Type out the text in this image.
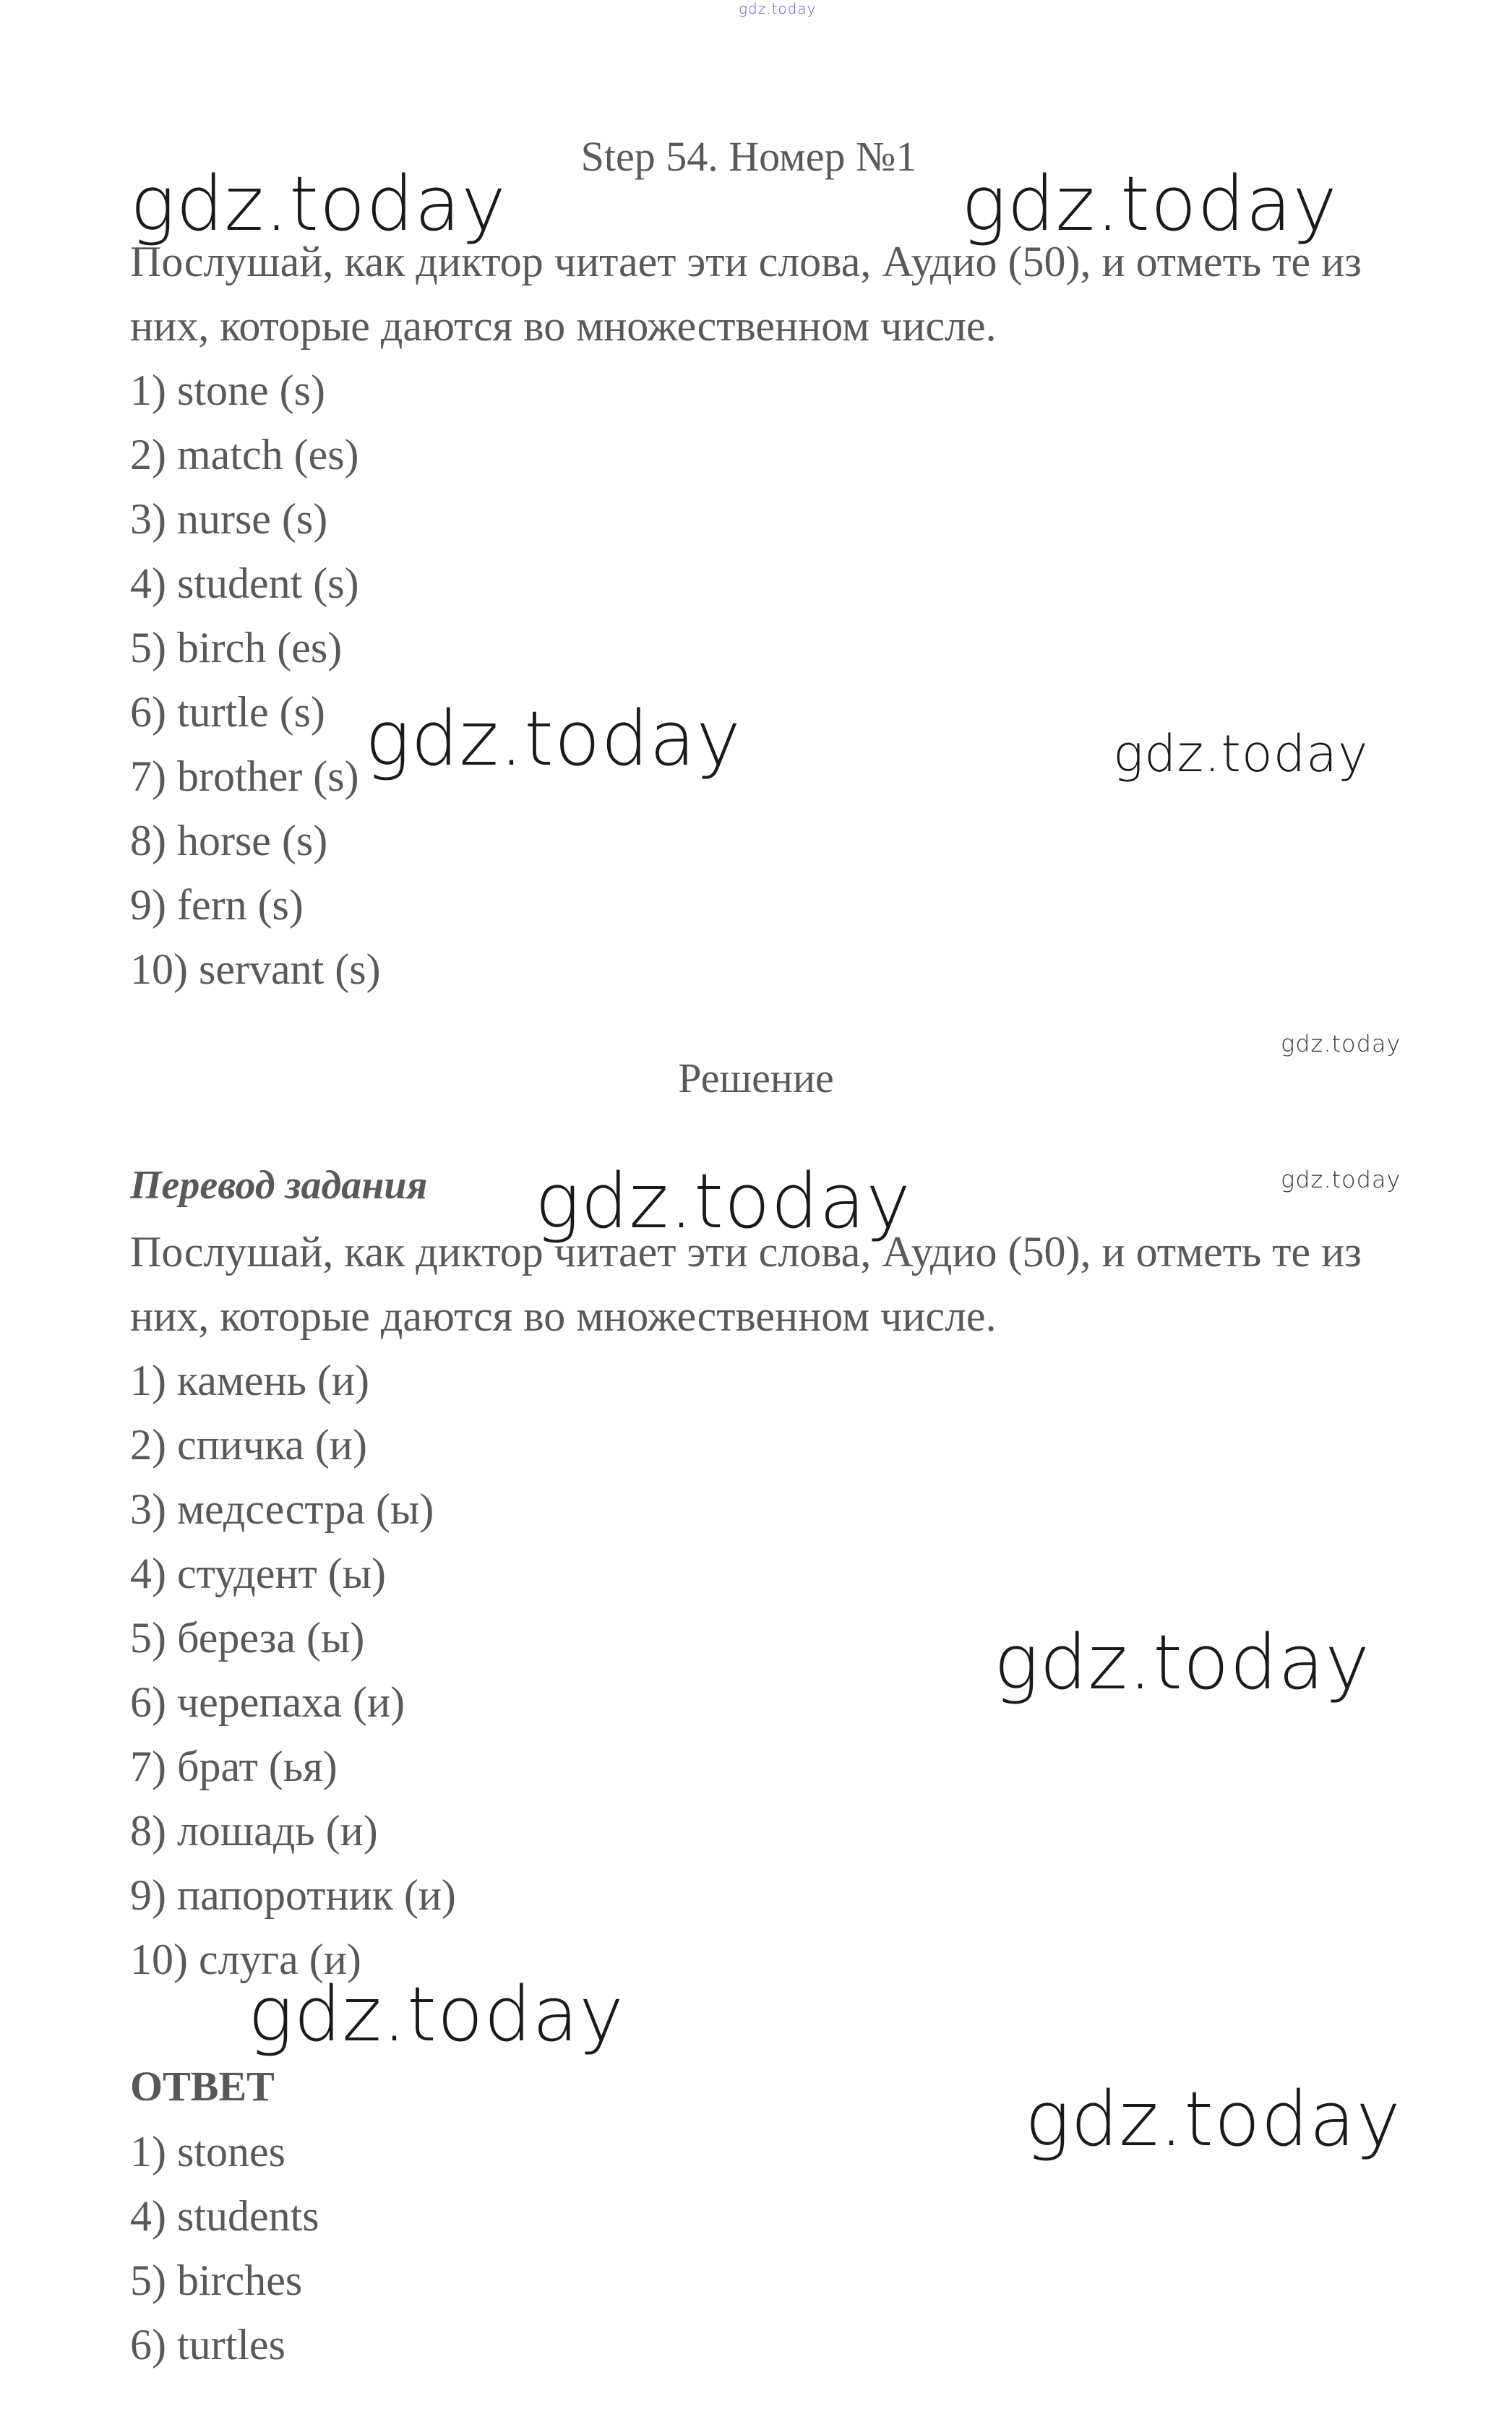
gdz.today
Step 54. Номер №1
gdz.today	gdz.today
Послушай, как диктор читает эти слова, Аудио (50), и отметь те из
них, которые даются во множественном числе.
1) stone (s)
2) match (es)
3) nurse (s)
4) student (s)
5) birch (es)
6) turtle (s)
7) brother (s)
8) horse (s)
9) fern (s)
10) servant (s)
gdz.today	gdz.today
gdz.today
Решение
Перевод задания	gdz.today
gdz.today
Послушай, как диктор читает эти слова, Аудио (50), и отметь те из
них, которые даются во множественном числе.
1) камень (и)
2) спичка (и)
3) медсестра (ы)
4) студент (ы)
5) береза (ы)
6) черепаха (и)
7) брат (ья)
8) лошадь (и)
9) папоротник (и)
10) слуга (и)
gdz.today
gdz.today
ОТВЕТ	gdz.today
1) stones
4) students
5) birches
6) turtles
